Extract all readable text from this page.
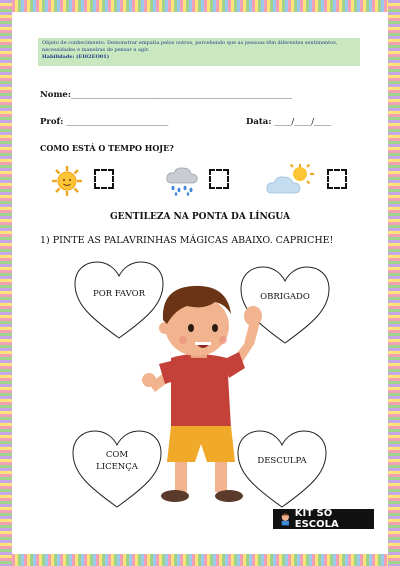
Objeto de conhecimento: Demonstrar empatia pelos outros, percebendo que as pessoas têm diferentes sentimentos,
necessidades e maneiras de pensar e agir.
Habilidade: (EI02EO01)
Nome:____________________________________________________
Prof: ________________________	Data: ____/____/____
COMO ESTÁ O TEMPO HOJE?
GENTILEZA NA PONTA DA LÍNGUA
1) PINTE AS PALAVRINHAS MÁGICAS ABAIXO. CAPRICHE!
POR FAVOR	OBRIGADO
COM
LICENÇA
DESCULPA
KIT SÓ ESCOLA
